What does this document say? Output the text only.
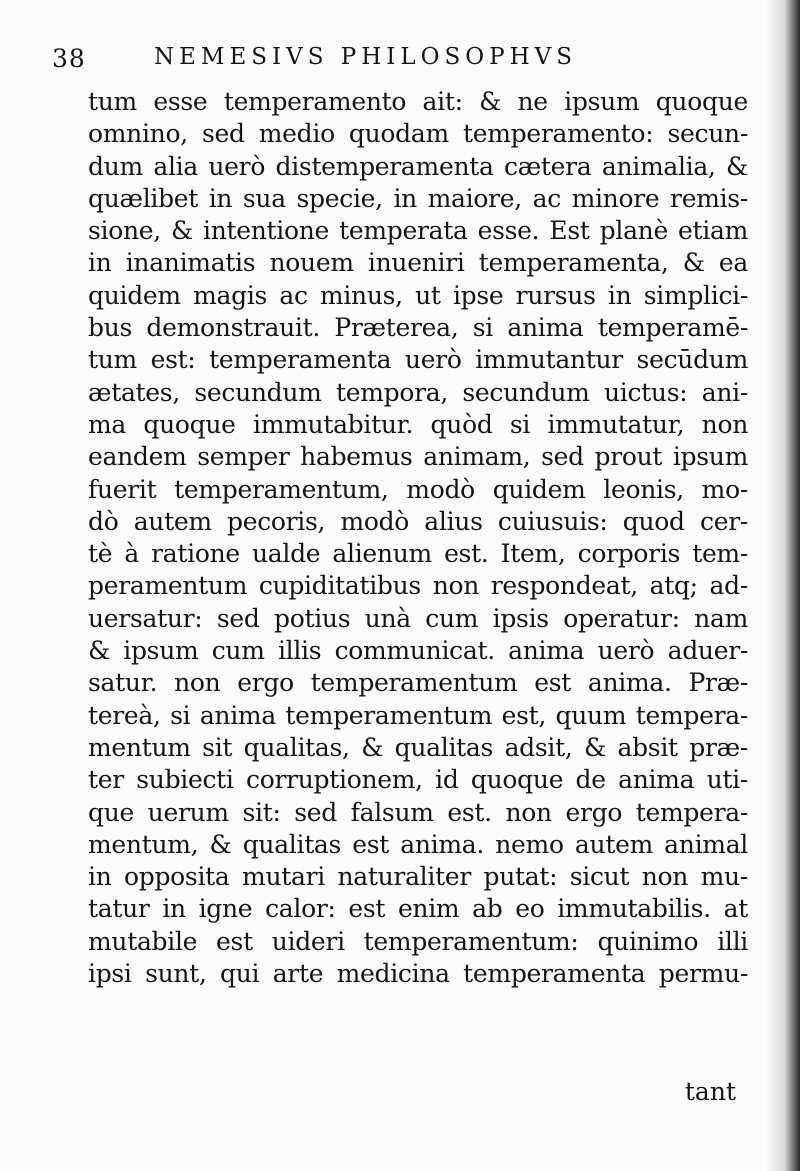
38	NEMESIVS PHILOSOPHVS
tum esse temperamento ait: & ne ipsum quoque
omnino, sed medio quodam temperamento: secun-
dum alia uerò distemperamenta cætera animalia, &
quælibet in sua specie, in maiore, ac minore remis-
sione, & intentione temperata esse. Est planè etiam
in inanimatis nouem inueniri temperamenta, & ea
quidem magis ac minus, ut ipse rursus in simplici-
bus demonstrauit. Præterea, si anima temperamē-
tum est: temperamenta uerò immutantur secūdum
ætates, secundum tempora, secundum uictus: ani-
ma quoque immutabitur. quòd si immutatur, non
eandem semper habemus animam, sed prout ipsum
fuerit temperamentum, modò quidem leonis, mo-
dò autem pecoris, modò alius cuiusuis: quod cer-
tè à ratione ualde alienum est. Item, corporis tem-
peramentum cupiditatibus non respondeat, atq; ad-
uersatur: sed potius unà cum ipsis operatur: nam
& ipsum cum illis communicat. anima uerò aduer-
satur. non ergo temperamentum est anima. Præ-
tereà, si anima temperamentum est, quum tempera-
mentum sit qualitas, & qualitas adsit, & absit præ-
ter subiecti corruptionem, id quoque de anima uti-
que uerum sit: sed falsum est. non ergo tempera-
mentum, & qualitas est anima. nemo autem animal
in opposita mutari naturaliter putat: sicut non mu-
tatur in igne calor: est enim ab eo immutabilis. at
mutabile est uideri temperamentum: quinimo illi
ipsi sunt, qui arte medicina temperamenta permu-
tant
